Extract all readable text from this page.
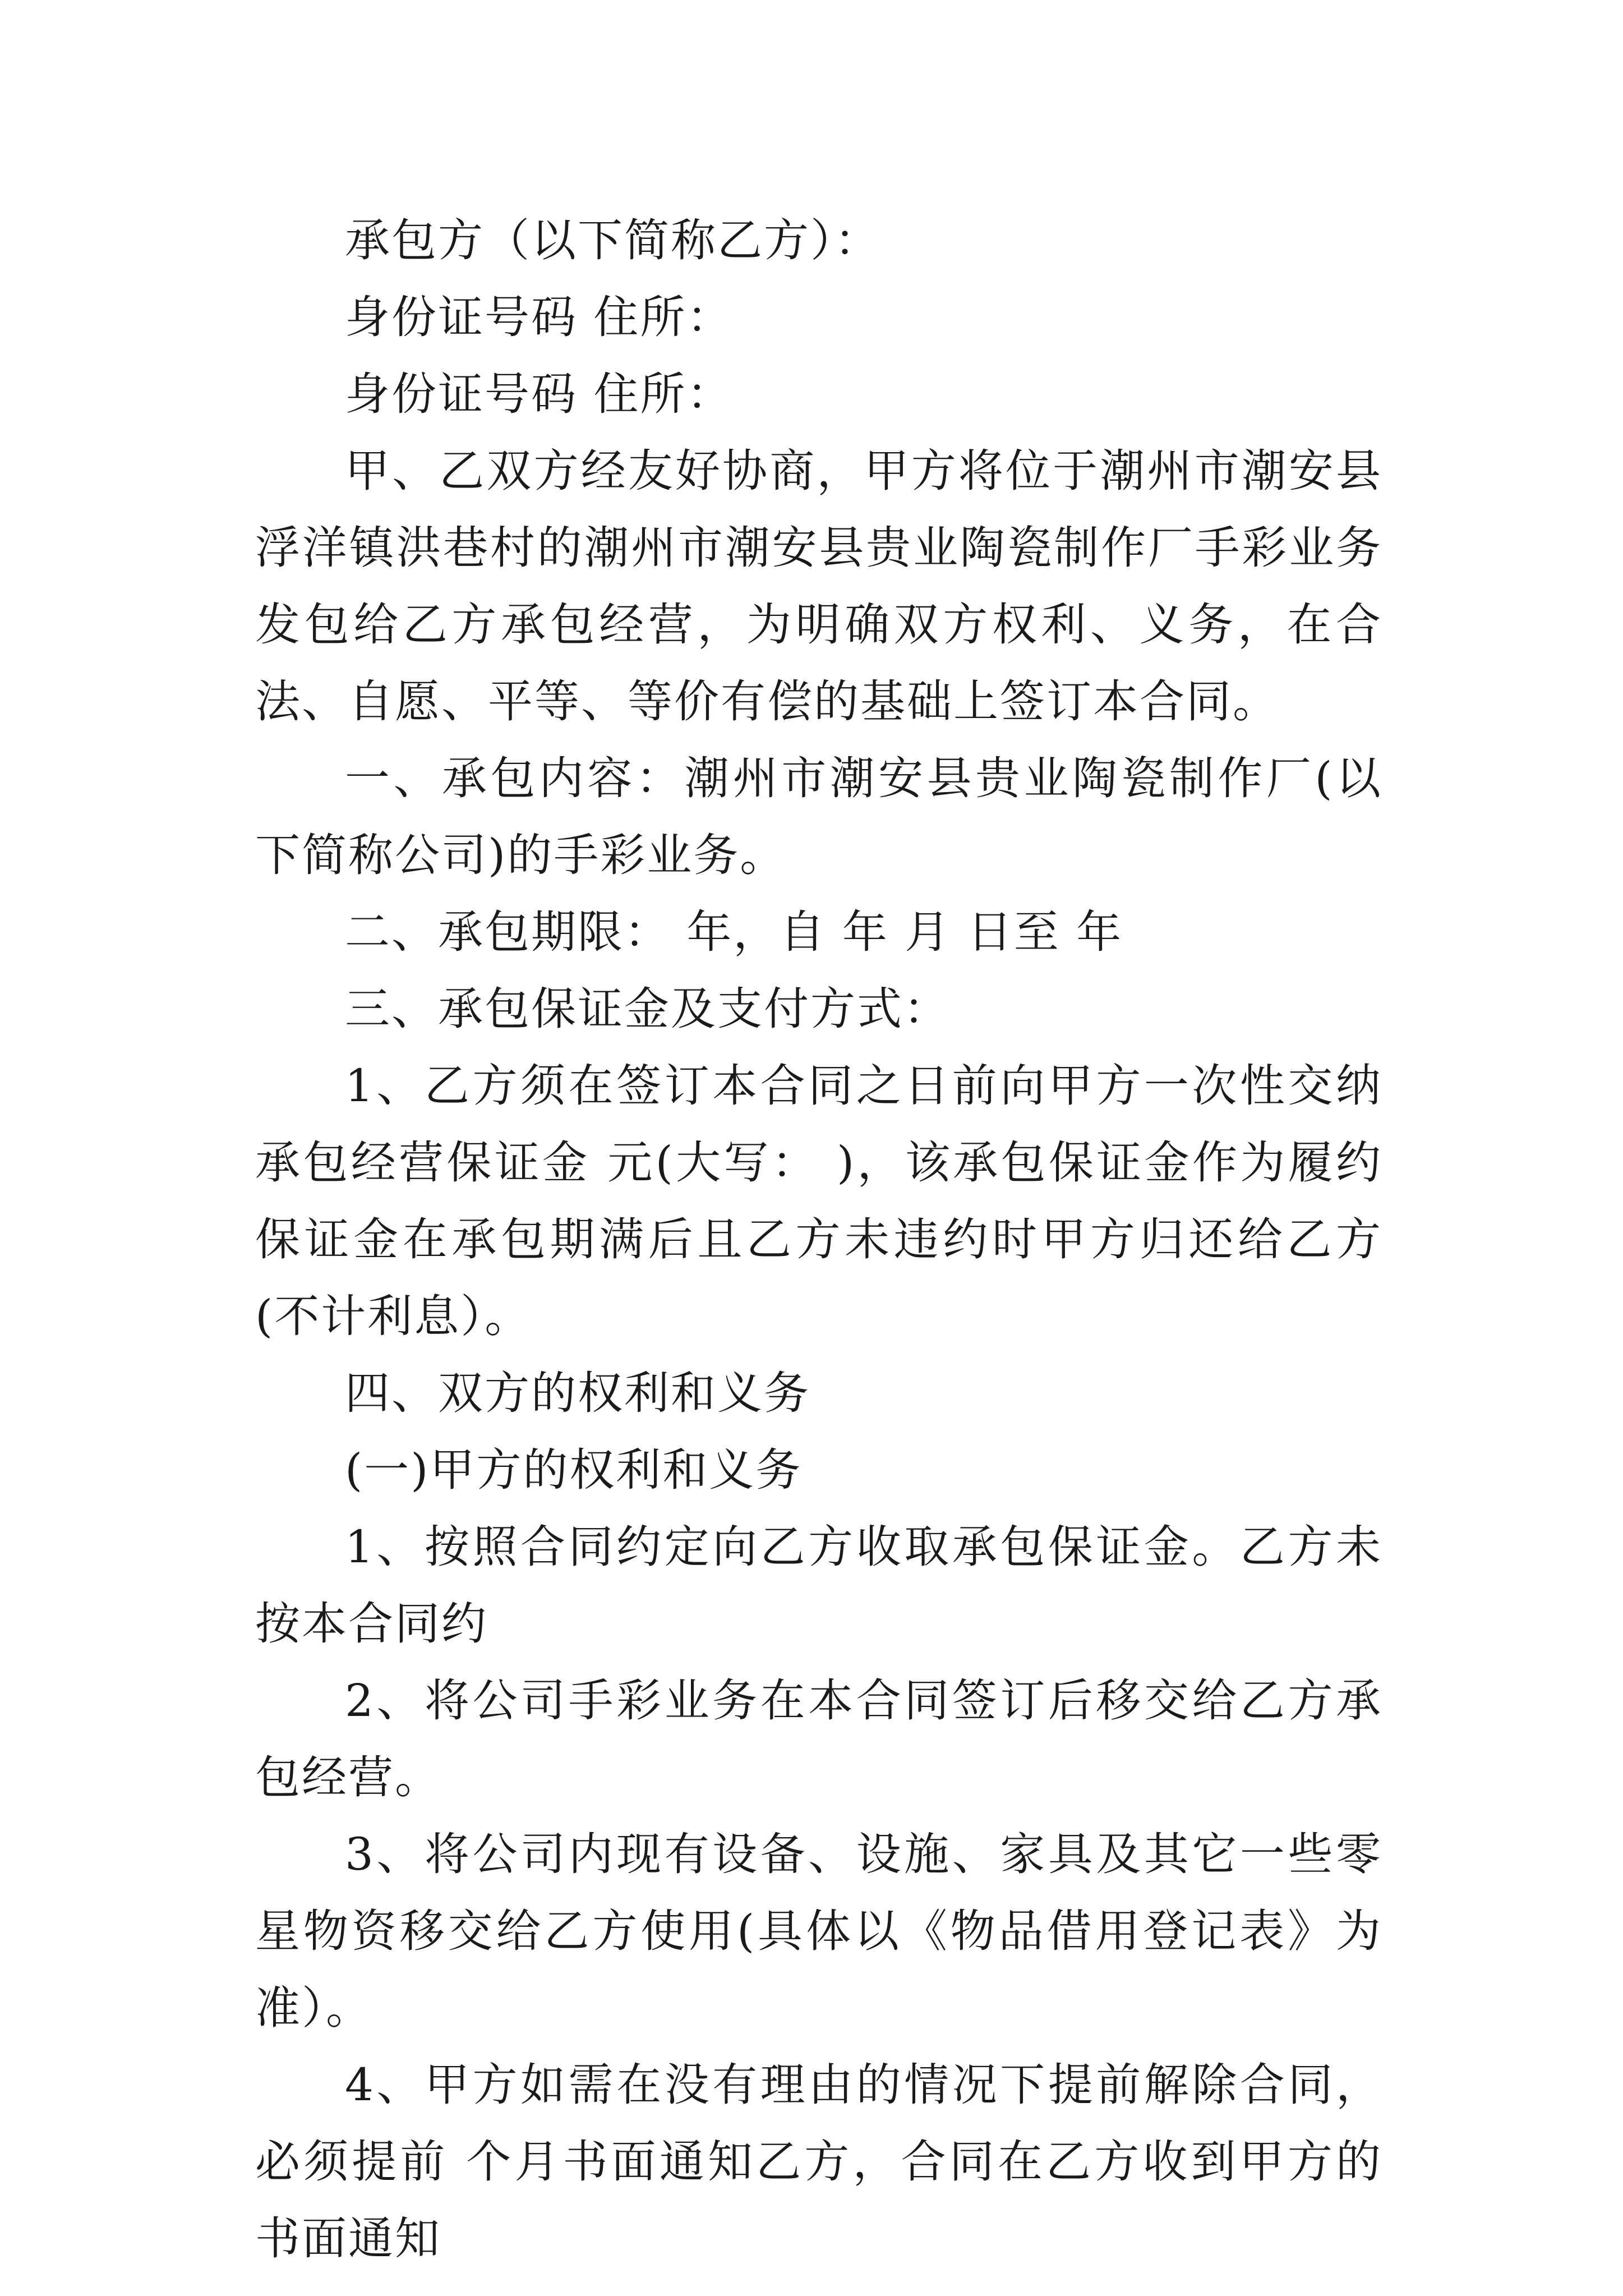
承包方（以下简称乙方）：

身份证号码 住所：

身份证号码 住所：

甲、乙双方经友好协商，甲方将位于潮州市潮安县浮洋镇洪巷村的潮州市潮安县贵业陶瓷制作厂手彩业务发包给乙方承包经营，为明确双方权利、义务，在合法、自愿、平等、等价有偿的基础上签订本合同。

一、承包内容：潮州市潮安县贵业陶瓷制作厂(以下简称公司)的手彩业务。

二、承包期限： 年，自 年 月 日至 年

三、承包保证金及支付方式：

1、乙方须在签订本合同之日前向甲方一次性交纳承包经营保证金 元(大写： )，该承包保证金作为履约保证金在承包期满后且乙方未违约时甲方归还给乙方(不计利息）。

四、双方的权利和义务

(一)甲方的权利和义务

1、按照合同约定向乙方收取承包保证金。乙方未按本合同约

2、将公司手彩业务在本合同签订后移交给乙方承包经营。

3、将公司内现有设备、设施、家具及其它一些零星物资移交给乙方使用(具体以《物品借用登记表》为准）。

4、甲方如需在没有理由的情况下提前解除合同，必须提前 个月书面通知乙方，合同在乙方收到甲方的书面通知
